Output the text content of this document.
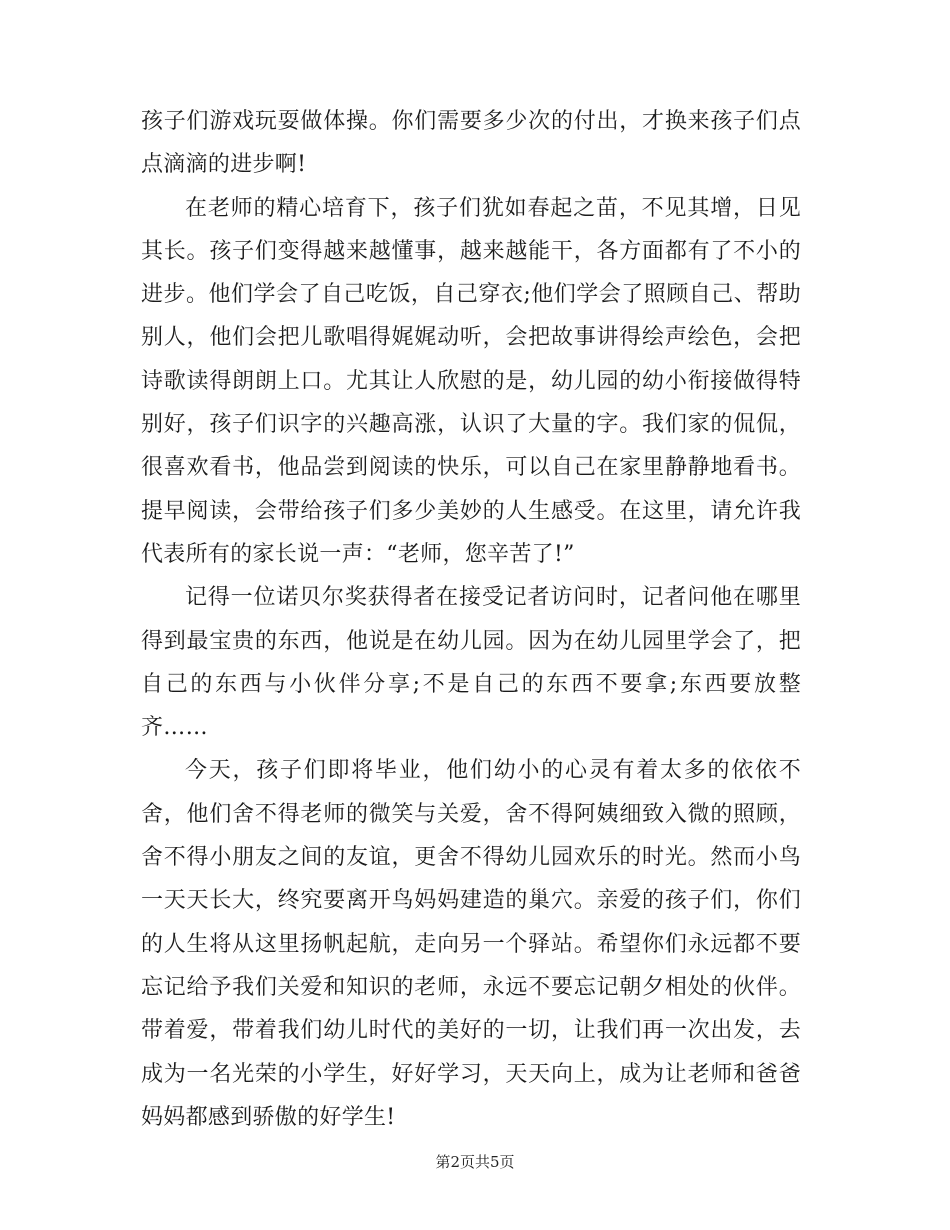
孩子们游戏玩耍做体操。你们需要多少次的付出，才换来孩子们点点滴滴的进步啊!

在老师的精心培育下，孩子们犹如春起之苗，不见其增，日见其长。孩子们变得越来越懂事，越来越能干，各方面都有了不小的进步。他们学会了自己吃饭，自己穿衣;他们学会了照顾自己、帮助别人，他们会把儿歌唱得娓娓动听，会把故事讲得绘声绘色，会把诗歌读得朗朗上口。尤其让人欣慰的是，幼儿园的幼小衔接做得特别好，孩子们识字的兴趣高涨，认识了大量的字。我们家的侃侃，很喜欢看书，他品尝到阅读的快乐，可以自己在家里静静地看书。提早阅读，会带给孩子们多少美妙的人生感受。在这里，请允许我代表所有的家长说一声：“老师，您辛苦了!”

记得一位诺贝尔奖获得者在接受记者访问时，记者问他在哪里得到最宝贵的东西，他说是在幼儿园。因为在幼儿园里学会了，把自己的东西与小伙伴分享;不是自己的东西不要拿;东西要放整齐……

今天，孩子们即将毕业，他们幼小的心灵有着太多的依依不舍，他们舍不得老师的微笑与关爱，舍不得阿姨细致入微的照顾，舍不得小朋友之间的友谊，更舍不得幼儿园欢乐的时光。然而小鸟一天天长大，终究要离开鸟妈妈建造的巢穴。亲爱的孩子们，你们的人生将从这里扬帆起航，走向另一个驿站。希望你们永远都不要忘记给予我们关爱和知识的老师，永远不要忘记朝夕相处的伙伴。带着爱，带着我们幼儿时代的美好的一切，让我们再一次出发，去成为一名光荣的小学生，好好学习，天天向上，成为让老师和爸爸妈妈都感到骄傲的好学生!

第2页共5页
